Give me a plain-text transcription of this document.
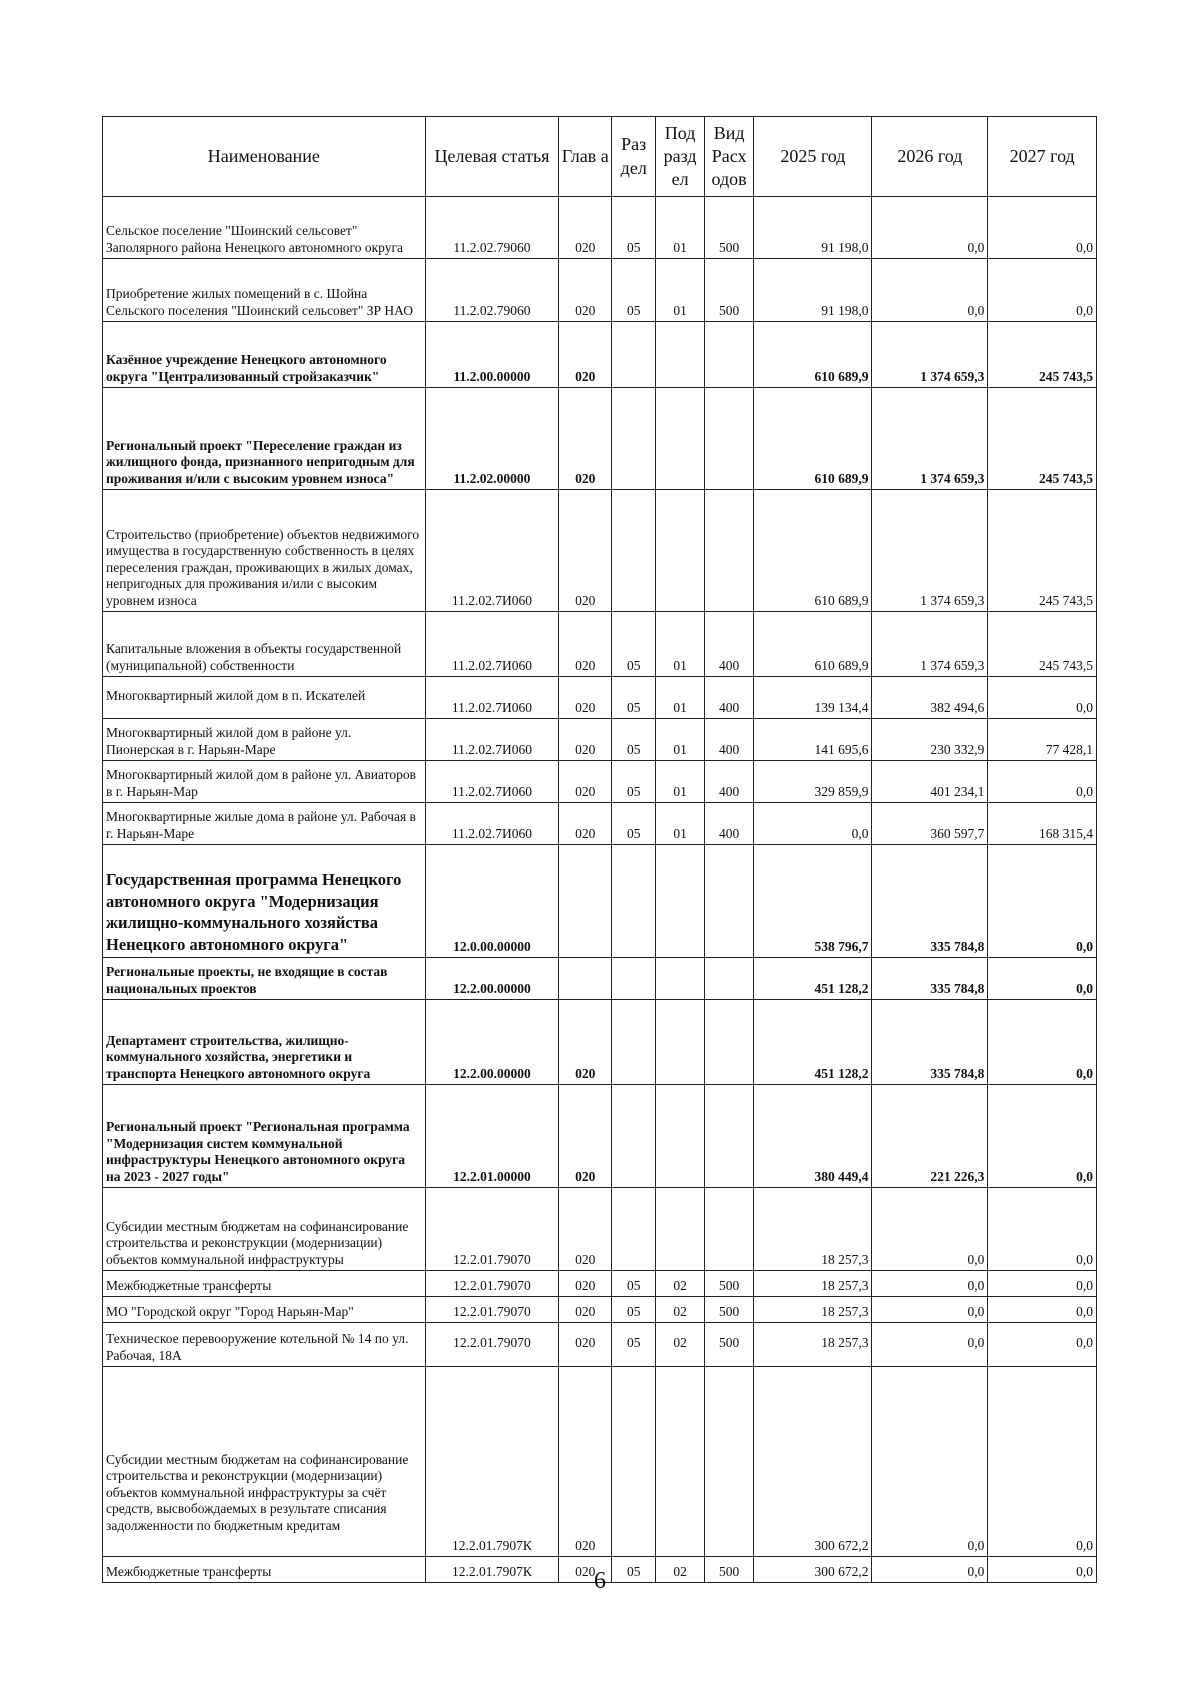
Наименование	Целевая статья	Глав а	Раз дел	Под разд ел	Вид Расх одов	2025 год	2026 год	2027 год
Сельское поселение "Шоинский сельсовет" Заполярного района Ненецкого автономного округа	11.2.02.79060	020	05	01	500	91 198,0	0,0	0,0
Приобретение жилых помещений в с. Шойна Сельского поселения "Шоинский сельсовет" ЗР НАО	11.2.02.79060	020	05	01	500	91 198,0	0,0	0,0
Казённое учреждение Ненецкого автономного округа "Централизованный стройзаказчик"	11.2.00.00000	020				610 689,9	1 374 659,3	245 743,5
Региональный проект "Переселение граждан из жилищного фонда, признанного непригодным для проживания и/или с высоким уровнем износа"	11.2.02.00000	020				610 689,9	1 374 659,3	245 743,5
Строительство (приобретение) объектов недвижимого имущества в государственную собственность в целях переселения граждан, проживающих в жилых домах, непригодных для проживания и/или с высоким уровнем износа	11.2.02.7И060	020				610 689,9	1 374 659,3	245 743,5
Капитальные вложения в объекты государственной (муниципальной) собственности	11.2.02.7И060	020	05	01	400	610 689,9	1 374 659,3	245 743,5
Многоквартирный жилой дом в п. Искателей	11.2.02.7И060	020	05	01	400	139 134,4	382 494,6	0,0
Многоквартирный жилой дом в районе ул. Пионерская в г. Нарьян-Маре	11.2.02.7И060	020	05	01	400	141 695,6	230 332,9	77 428,1
Многоквартирный жилой дом в районе ул. Авиаторов в г. Нарьян-Мар	11.2.02.7И060	020	05	01	400	329 859,9	401 234,1	0,0
Многоквартирные жилые дома в районе ул. Рабочая в г. Нарьян-Маре	11.2.02.7И060	020	05	01	400	0,0	360 597,7	168 315,4
Государственная программа Ненецкого автономного округа "Модернизация жилищно-коммунального хозяйства Ненецкого автономного округа"	12.0.00.00000					538 796,7	335 784,8	0,0
Региональные проекты, не входящие в состав национальных проектов	12.2.00.00000					451 128,2	335 784,8	0,0
Департамент строительства, жилищно-коммунального хозяйства, энергетики и транспорта Ненецкого автономного округа	12.2.00.00000	020				451 128,2	335 784,8	0,0
Региональный проект "Региональная программа "Модернизация систем коммунальной инфраструктуры Ненецкого автономного округа на 2023 - 2027 годы"	12.2.01.00000	020				380 449,4	221 226,3	0,0
Субсидии местным бюджетам на софинансирование строительства и реконструкции (модернизации) объектов коммунальной инфраструктуры	12.2.01.79070	020				18 257,3	0,0	0,0
Межбюджетные трансферты	12.2.01.79070	020	05	02	500	18 257,3	0,0	0,0
МО "Городской округ "Город Нарьян-Мар"	12.2.01.79070	020	05	02	500	18 257,3	0,0	0,0
Техническое перевооружение котельной № 14 по ул. Рабочая, 18А	12.2.01.79070	020	05	02	500	18 257,3	0,0	0,0
Субсидии местным бюджетам на софинансирование строительства и реконструкции (модернизации) объектов коммунальной инфраструктуры за счёт средств, высвобождаемых в результате списания задолженности по бюджетным кредитам	12.2.01.7907К	020				300 672,2	0,0	0,0
Межбюджетные трансферты	12.2.01.7907К	020	05	02	500	300 672,2	0,0	0,0
6
